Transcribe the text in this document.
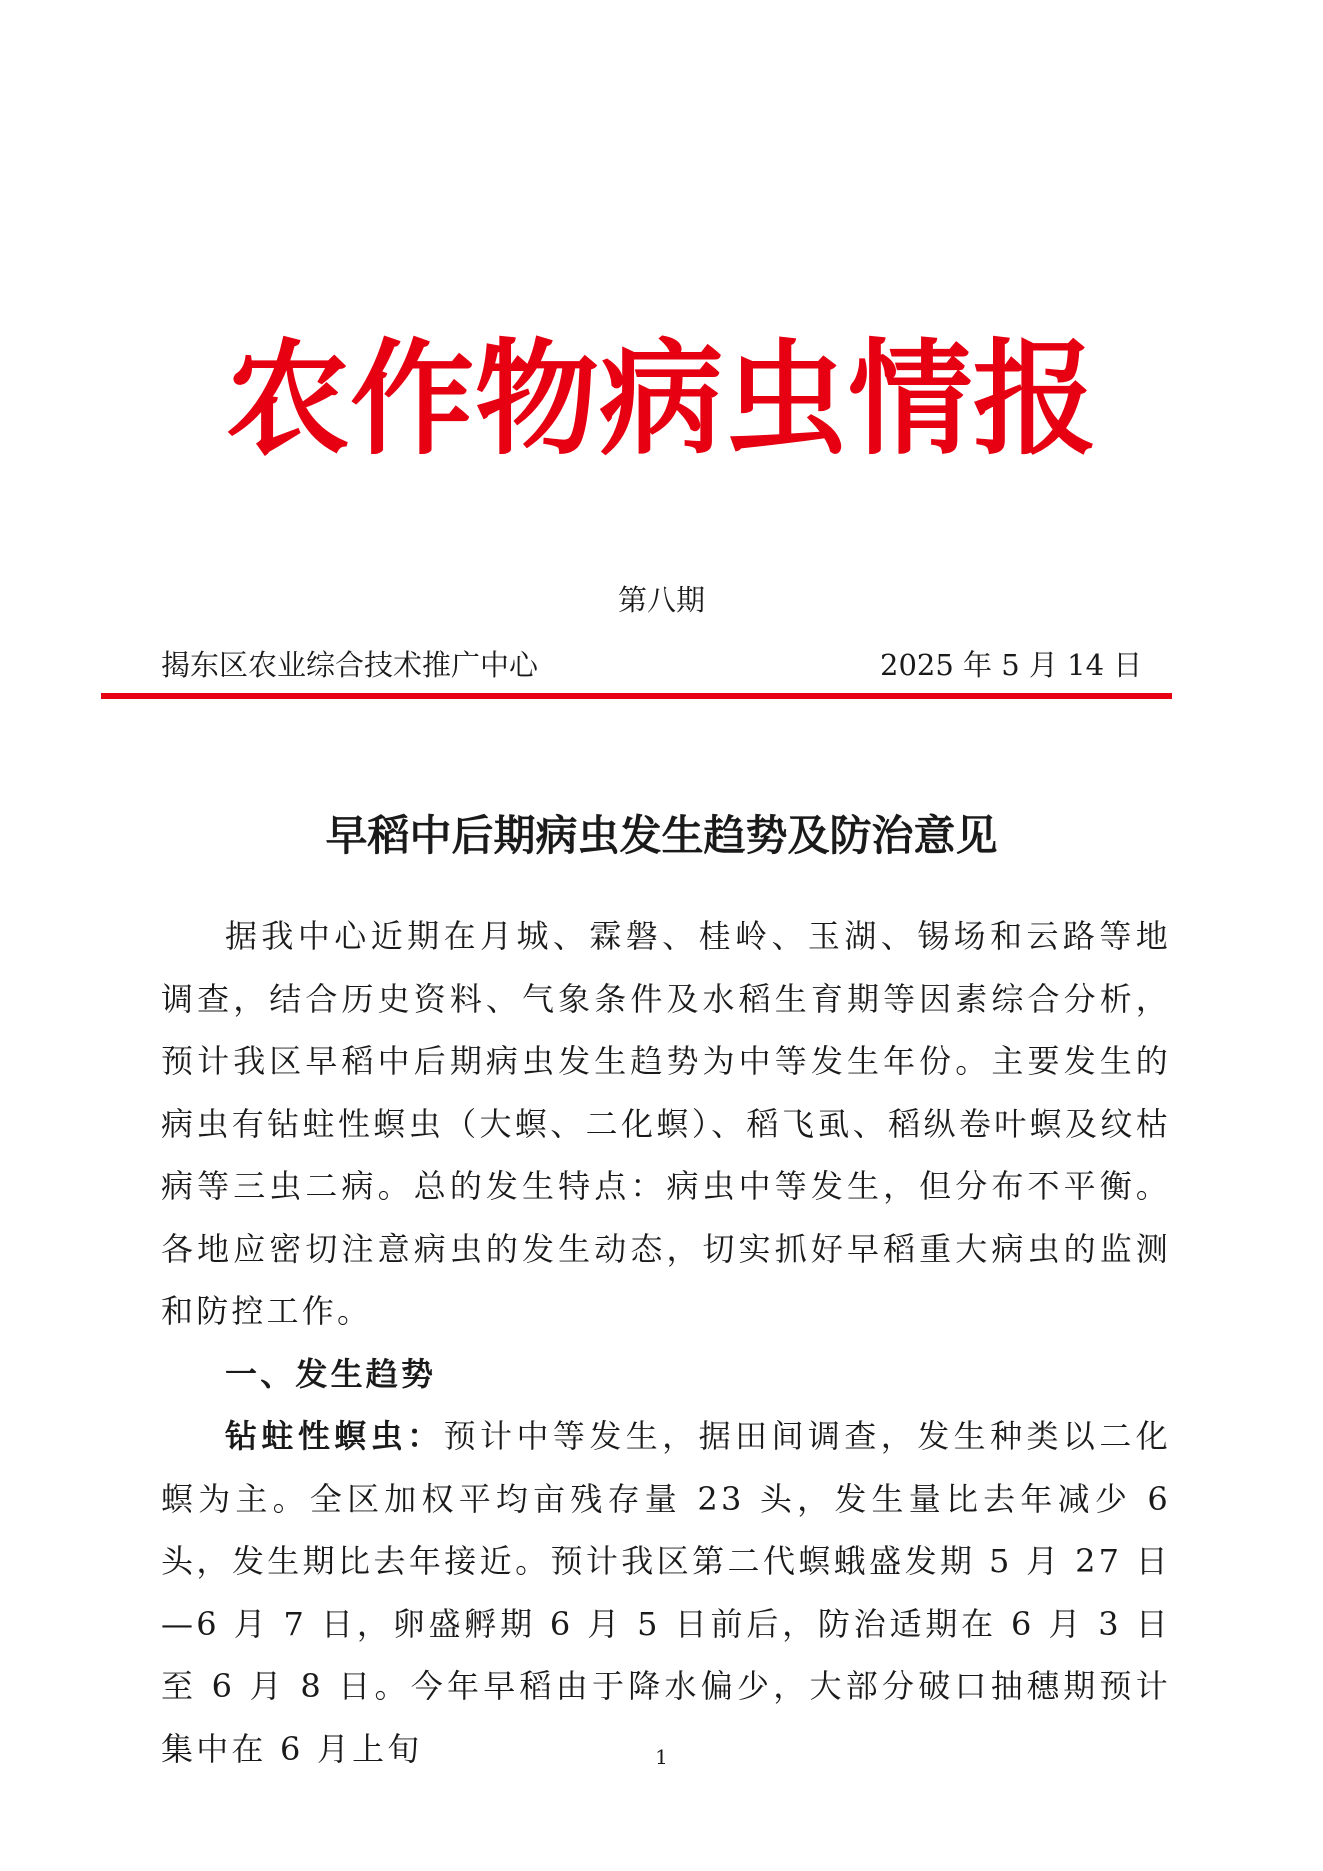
农作物病虫情报
第八期
揭东区农业综合技术推广中心	2025 年 5 月 14 日
早稻中后期病虫发生趋势及防治意见

据我中心近期在月城、霖磐、桂岭、玉湖、锡场和云路等地调查，结合历史资料、气象条件及水稻生育期等因素综合分析，预计我区早稻中后期病虫发生趋势为中等发生年份。主要发生的病虫有钻蛀性螟虫（大螟、二化螟）、稻飞虱、稻纵卷叶螟及纹枯病等三虫二病。总的发生特点：病虫中等发生，但分布不平衡。各地应密切注意病虫的发生动态，切实抓好早稻重大病虫的监测和防控工作。

一、发生趋势

钻蛀性螟虫：预计中等发生，据田间调查，发生种类以二化螟为主。全区加权平均亩残存量 23 头，发生量比去年减少 6 头，发生期比去年接近。预计我区第二代螟蛾盛发期 5 月 27 日—6 月 7 日，卵盛孵期 6 月 5 日前后，防治适期在 6 月 3 日至 6 月 8 日。今年早稻由于降水偏少，大部分破口抽穗期预计集中在 6 月上旬	1
